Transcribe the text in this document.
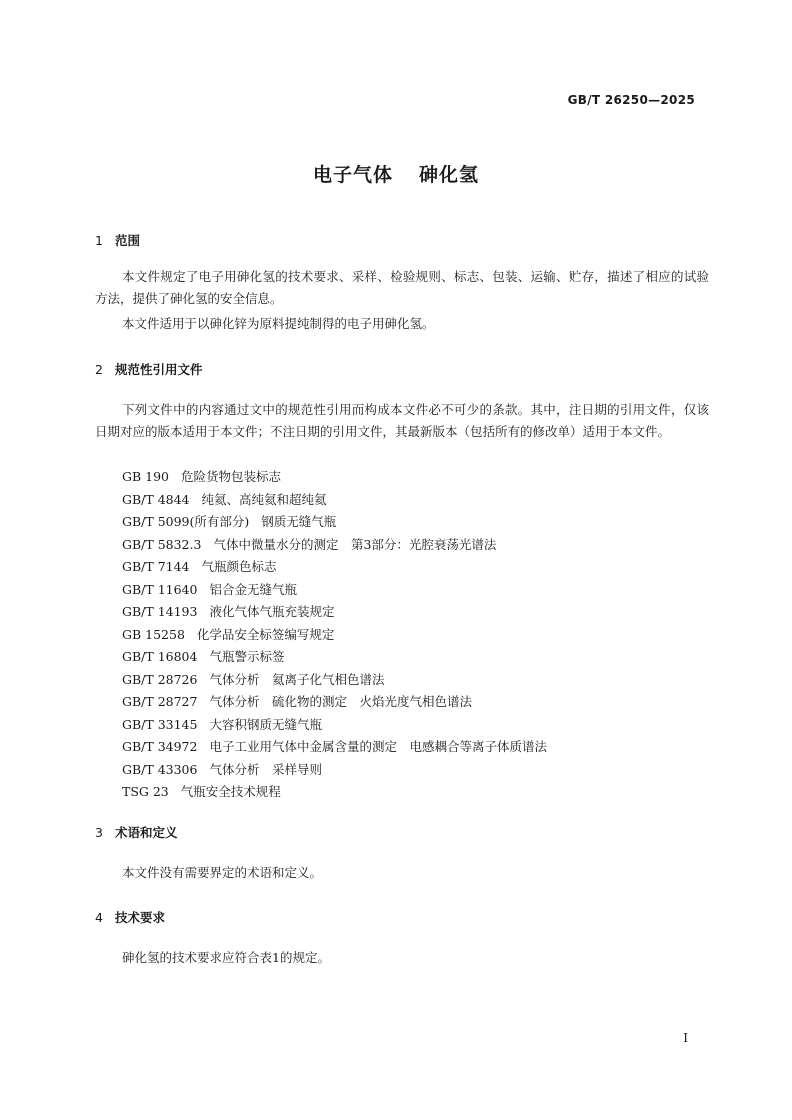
GB/T 26250—2025
电子气体 砷化氢
1 范围
本文件规定了电子用砷化氢的技术要求、采样、检验规则、标志、包装、运输、贮存，描述了相应的试验方法，提供了砷化氢的安全信息。
本文件适用于以砷化锌为原料提纯制得的电子用砷化氢。
2 规范性引用文件
下列文件中的内容通过文中的规范性引用而构成本文件必不可少的条款。其中，注日期的引用文件，仅该日期对应的版本适用于本文件；不注日期的引用文件，其最新版本（包括所有的修改单）适用于本文件。
GB 190 危险货物包装标志
GB/T 4844 纯氦、高纯氦和超纯氦
GB/T 5099(所有部分) 钢质无缝气瓶
GB/T 5832.3 气体中微量水分的测定　第3部分：光腔衰荡光谱法
GB/T 7144 气瓶颜色标志
GB/T 11640 铝合金无缝气瓶
GB/T 14193 液化气体气瓶充装规定
GB 15258 化学品安全标签编写规定
GB/T 16804 气瓶警示标签
GB/T 28726 气体分析　氦离子化气相色谱法
GB/T 28727 气体分析　硫化物的测定　火焰光度气相色谱法
GB/T 33145 大容积钢质无缝气瓶
GB/T 34972 电子工业用气体中金属含量的测定　电感耦合等离子体质谱法
GB/T 43306 气体分析　采样导则
TSG 23 气瓶安全技术规程
3 术语和定义
本文件没有需要界定的术语和定义。
4 技术要求
砷化氢的技术要求应符合表1的规定。
I
